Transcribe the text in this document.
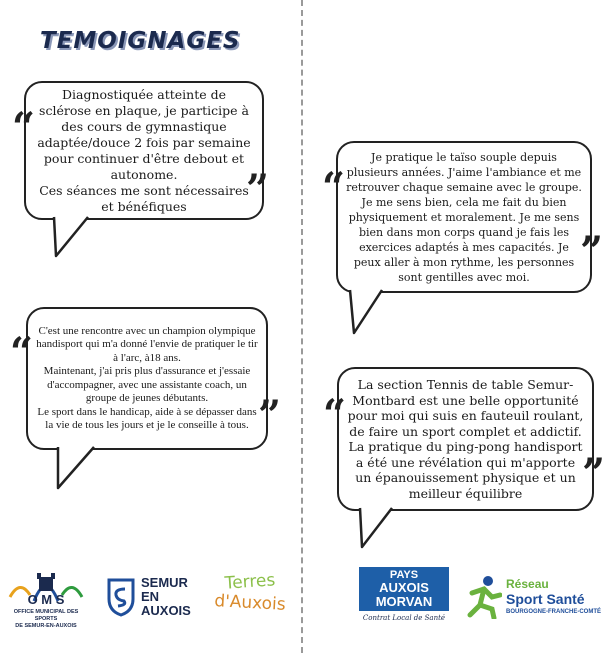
TEMOIGNAGES
Diagnostiquée atteinte de sclérose en plaque, je participe à des cours de gymnastique adaptée/douce 2 fois par semaine pour continuer d'être debout et autonome.
Ces séances me sont nécessaires et bénéfiques
“
”
Je pratique le taïso souple depuis plusieurs années. J'aime l'ambiance et me retrouver chaque semaine avec le groupe. Je me sens bien, cela me fait du bien physiquement et moralement. Je me sens bien dans mon corps quand je fais les exercices adaptés à mes capacités. Je peux aller à mon rythme, les personnes sont gentilles avec moi.
“
”
C'est une rencontre avec un champion olympique handisport qui m'a donné l'envie de pratiquer le tir à l'arc, à18 ans.
Maintenant, j'ai pris plus d'assurance et j'essaie d'accompagner, avec une assistante coach, un groupe de jeunes débutants.
Le sport dans le handicap, aide à se dépasser dans la vie de tous les jours et je le conseille à tous.
“
”
La section Tennis de table Semur-Montbard est une belle opportunité pour moi qui suis en fauteuil roulant, de faire un sport complet et addictif. La pratique du ping-pong handisport a été une révélation qui m'apporte un épanouissement physique et un meilleur équilibre
“
”
O M S
OFFICE MUNICIPAL DES SPORTS
DE SEMUR-EN-AUXOIS
SEMUR
EN
AUXOIS
Terres
d'Auxois
PAYS
AUXOIS
MORVAN
Contrat Local de Santé
Réseau
Sport Santé
BOURGOGNE-FRANCHE-COMTÉ
